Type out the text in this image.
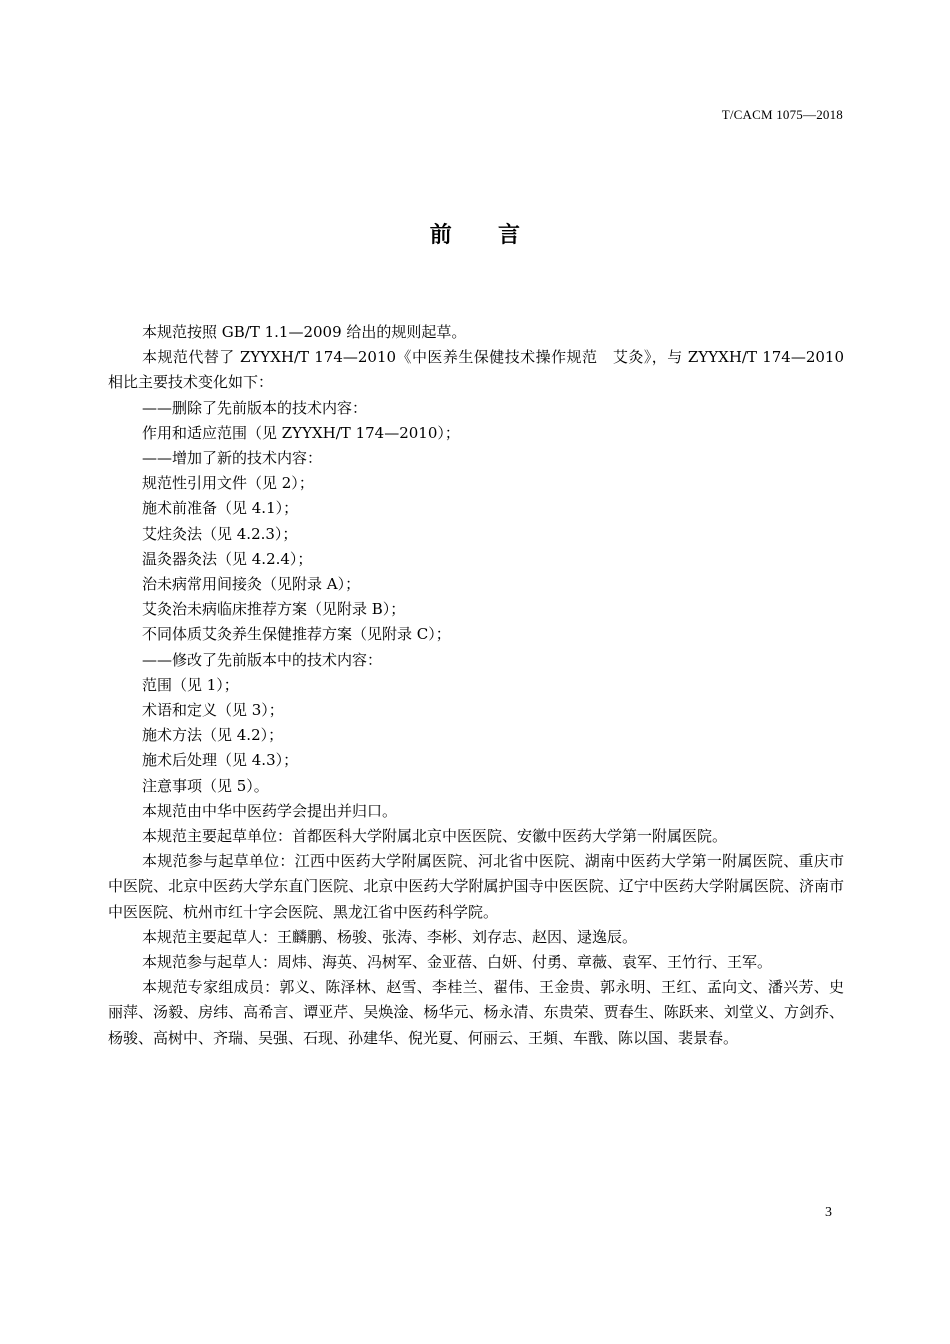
T/CACM 1075—2018
前 言

本规范按照 GB/T 1.1—2009 给出的规则起草。

本规范代替了 ZYYXH/T 174—2010《中医养生保健技术操作规范　艾灸》，与 ZYYXH/T 174—2010 相比主要技术变化如下：

——删除了先前版本的技术内容：

作用和适应范围（见 ZYYXH/T 174—2010）；

——增加了新的技术内容：

规范性引用文件（见 2）；

施术前准备（见 4.1）；

艾炷灸法（见 4.2.3）；

温灸器灸法（见 4.2.4）；

治未病常用间接灸（见附录 A）；

艾灸治未病临床推荐方案（见附录 B）；

不同体质艾灸养生保健推荐方案（见附录 C）；

——修改了先前版本中的技术内容：

范围（见 1）；

术语和定义（见 3）；

施术方法（见 4.2）；

施术后处理（见 4.3）；

注意事项（见 5）。

本规范由中华中医药学会提出并归口。

本规范主要起草单位：首都医科大学附属北京中医医院、安徽中医药大学第一附属医院。

本规范参与起草单位：江西中医药大学附属医院、河北省中医院、湖南中医药大学第一附属医院、重庆市中医院、北京中医药大学东直门医院、北京中医药大学附属护国寺中医医院、辽宁中医药大学附属医院、济南市中医医院、杭州市红十字会医院、黑龙江省中医药科学院。

本规范主要起草人：王麟鹏、杨骏、张涛、李彬、刘存志、赵因、逯逸辰。

本规范参与起草人：周炜、海英、冯树军、金亚蓓、白妍、付勇、章薇、袁军、王竹行、王军。

本规范专家组成员：郭义、陈泽林、赵雪、李桂兰、翟伟、王金贵、郭永明、王红、孟向文、潘兴芳、史丽萍、汤毅、房纬、高希言、谭亚芹、吴焕淦、杨华元、杨永清、东贵荣、贾春生、陈跃来、刘堂义、方剑乔、杨骏、高树中、齐瑞、吴强、石现、孙建华、倪光夏、何丽云、王頻、车戬、陈以国、裴景春。

3
